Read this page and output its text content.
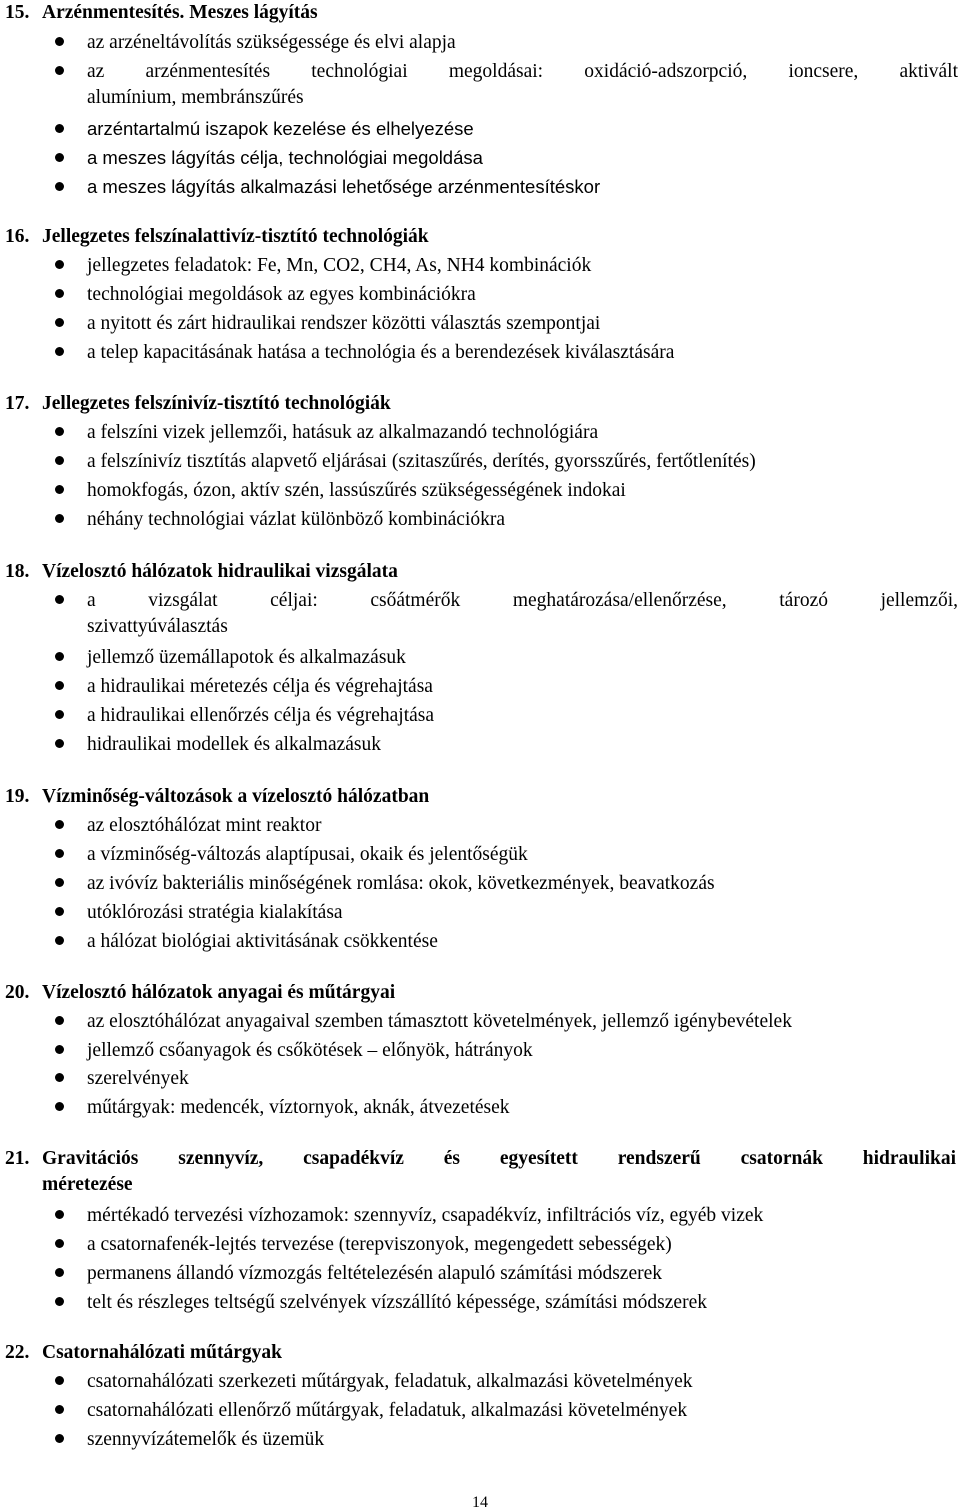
15. Arzénmentesítés. Meszes lágyítás
az arzéneltávolítás szükségessége és elvi alapja
az arzénmentesítés technológiai megoldásai: oxidáció-adszorpció, ioncsere, aktivált
alumínium, membránszűrés
arzéntartalmú iszapok kezelése és elhelyezése
a meszes lágyítás célja, technológiai megoldása
a meszes lágyítás alkalmazási lehetősége arzénmentesítéskor
16. Jellegzetes felszínalattivíz-tisztító technológiák
jellegzetes feladatok: Fe, Mn, CO2, CH4, As, NH4 kombinációk
technológiai megoldások az egyes kombinációkra
a nyitott és zárt hidraulikai rendszer közötti választás szempontjai
a telep kapacitásának hatása a technológia és a berendezések kiválasztására
17. Jellegzetes felszínivíz-tisztító technológiák
a felszíni vizek jellemzői, hatásuk az alkalmazandó technológiára
a felszínivíz tisztítás alapvető eljárásai (szitaszűrés, derítés, gyorsszűrés, fertőtlenítés)
homokfogás, ózon, aktív szén, lassúszűrés szükségességének indokai
néhány technológiai vázlat különböző kombinációkra
18. Vízelosztó hálózatok hidraulikai vizsgálata
a vizsgálat céljai: csőátmérők meghatározása/ellenőrzése, tározó jellemzői,
szivattyúválasztás
jellemző üzemállapotok és alkalmazásuk
a hidraulikai méretezés célja és végrehajtása
a hidraulikai ellenőrzés célja és végrehajtása
hidraulikai modellek és alkalmazásuk
19. Vízminőség-változások a vízelosztó hálózatban
az elosztóhálózat mint reaktor
a vízminőség-változás alaptípusai, okaik és jelentőségük
az ivóvíz bakteriális minőségének romlása: okok, következmények, beavatkozás
utóklórozási stratégia kialakítása
a hálózat biológiai aktivitásának csökkentése
20. Vízelosztó hálózatok anyagai és műtárgyai
az elosztóhálózat anyagaival szemben támasztott követelmények, jellemző igénybevételek
jellemző csőanyagok és csőkötések – előnyök, hátrányok
szerelvények
műtárgyak: medencék, víztornyok, aknák, átvezetések
21. Gravitációs szennyvíz, csapadékvíz és egyesített rendszerű csatornák hidraulikai
méretezése
mértékadó tervezési vízhozamok: szennyvíz, csapadékvíz, infiltrációs víz, egyéb vizek
a csatornafenék-lejtés tervezése (terepviszonyok, megengedett sebességek)
permanens állandó vízmozgás feltételezésén alapuló számítási módszerek
telt és részleges teltségű szelvények vízszállító képessége, számítási módszerek
22. Csatornahálózati műtárgyak
csatornahálózati szerkezeti műtárgyak, feladatuk, alkalmazási követelmények
csatornahálózati ellenőrző műtárgyak, feladatuk, alkalmazási követelmények
szennyvízátemelők és üzemük
14
